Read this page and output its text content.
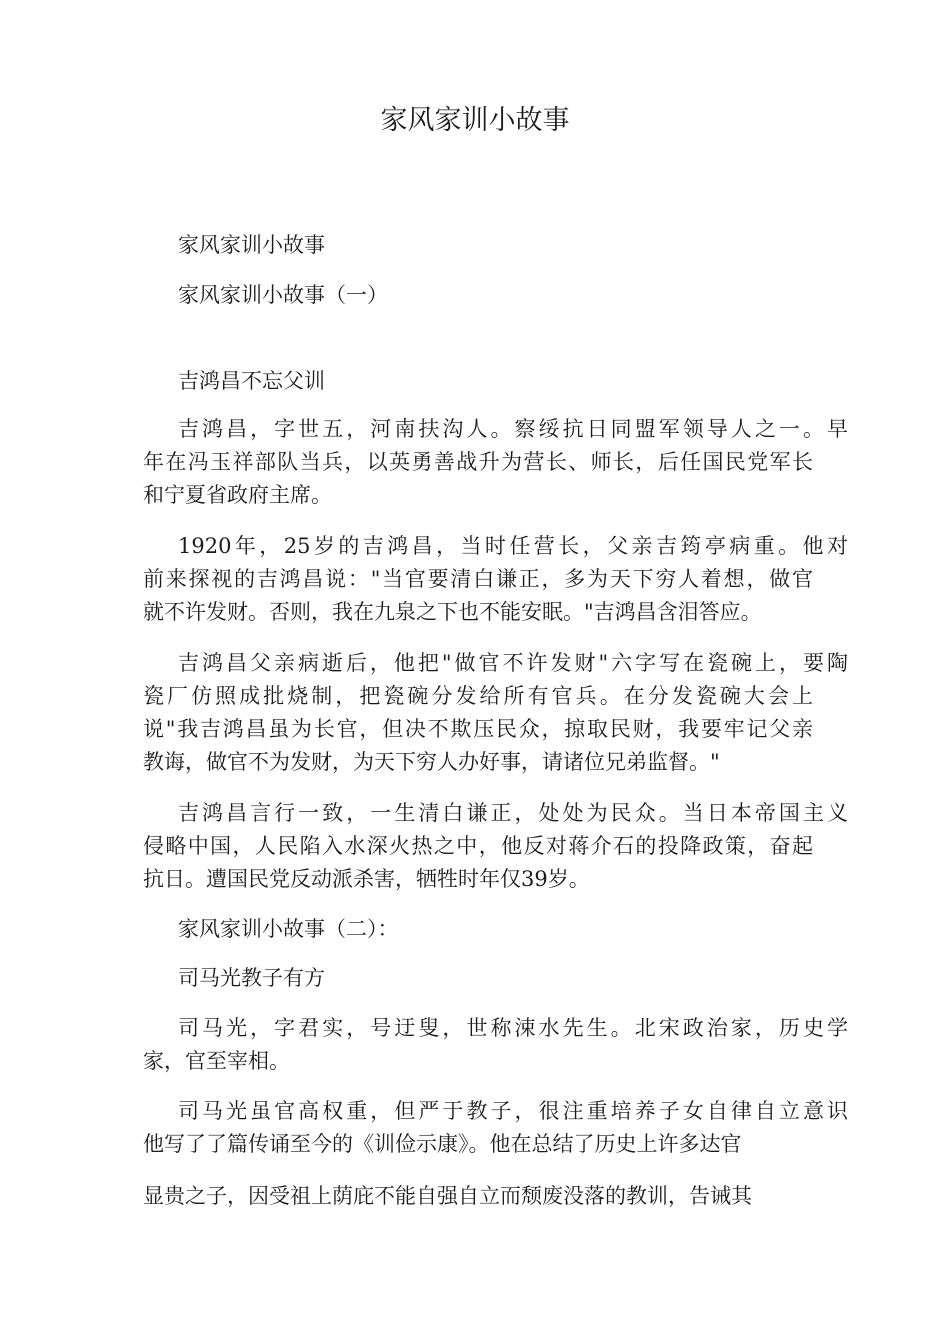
家风家训小故事
家风家训小故事
家风家训小故事（一）
吉鸿昌不忘父训
吉鸿昌，字世五，河南扶沟人。察绥抗日同盟军领导人之一。早
年在冯玉祥部队当兵，以英勇善战升为营长、师长，后任国民党军长
和宁夏省政府主席。
1920年，25岁的吉鸿昌，当时任营长，父亲吉筠亭病重。他对
前来探视的吉鸿昌说："当官要清白谦正，多为天下穷人着想，做官
就不许发财。否则，我在九泉之下也不能安眠。"吉鸿昌含泪答应。
吉鸿昌父亲病逝后，他把"做官不许发财"六字写在瓷碗上，要陶
瓷厂仿照成批烧制，把瓷碗分发给所有官兵。在分发瓷碗大会上
说"我吉鸿昌虽为长官，但决不欺压民众，掠取民财，我要牢记父亲
教诲，做官不为发财，为天下穷人办好事，请诸位兄弟监督。"
吉鸿昌言行一致，一生清白谦正，处处为民众。当日本帝国主义
侵略中国，人民陷入水深火热之中，他反对蒋介石的投降政策，奋起
抗日。遭国民党反动派杀害，牺牲时年仅39岁。
家风家训小故事（二）：
司马光教子有方
司马光，字君实，号迂叟，世称涑水先生。北宋政治家，历史学
家，官至宰相。
司马光虽官高权重，但严于教子，很注重培养子女自律自立意识
他写了了篇传诵至今的《训俭示康》。他在总结了历史上许多达官
显贵之子，因受祖上荫庇不能自强自立而颓废没落的教训，告诫其
